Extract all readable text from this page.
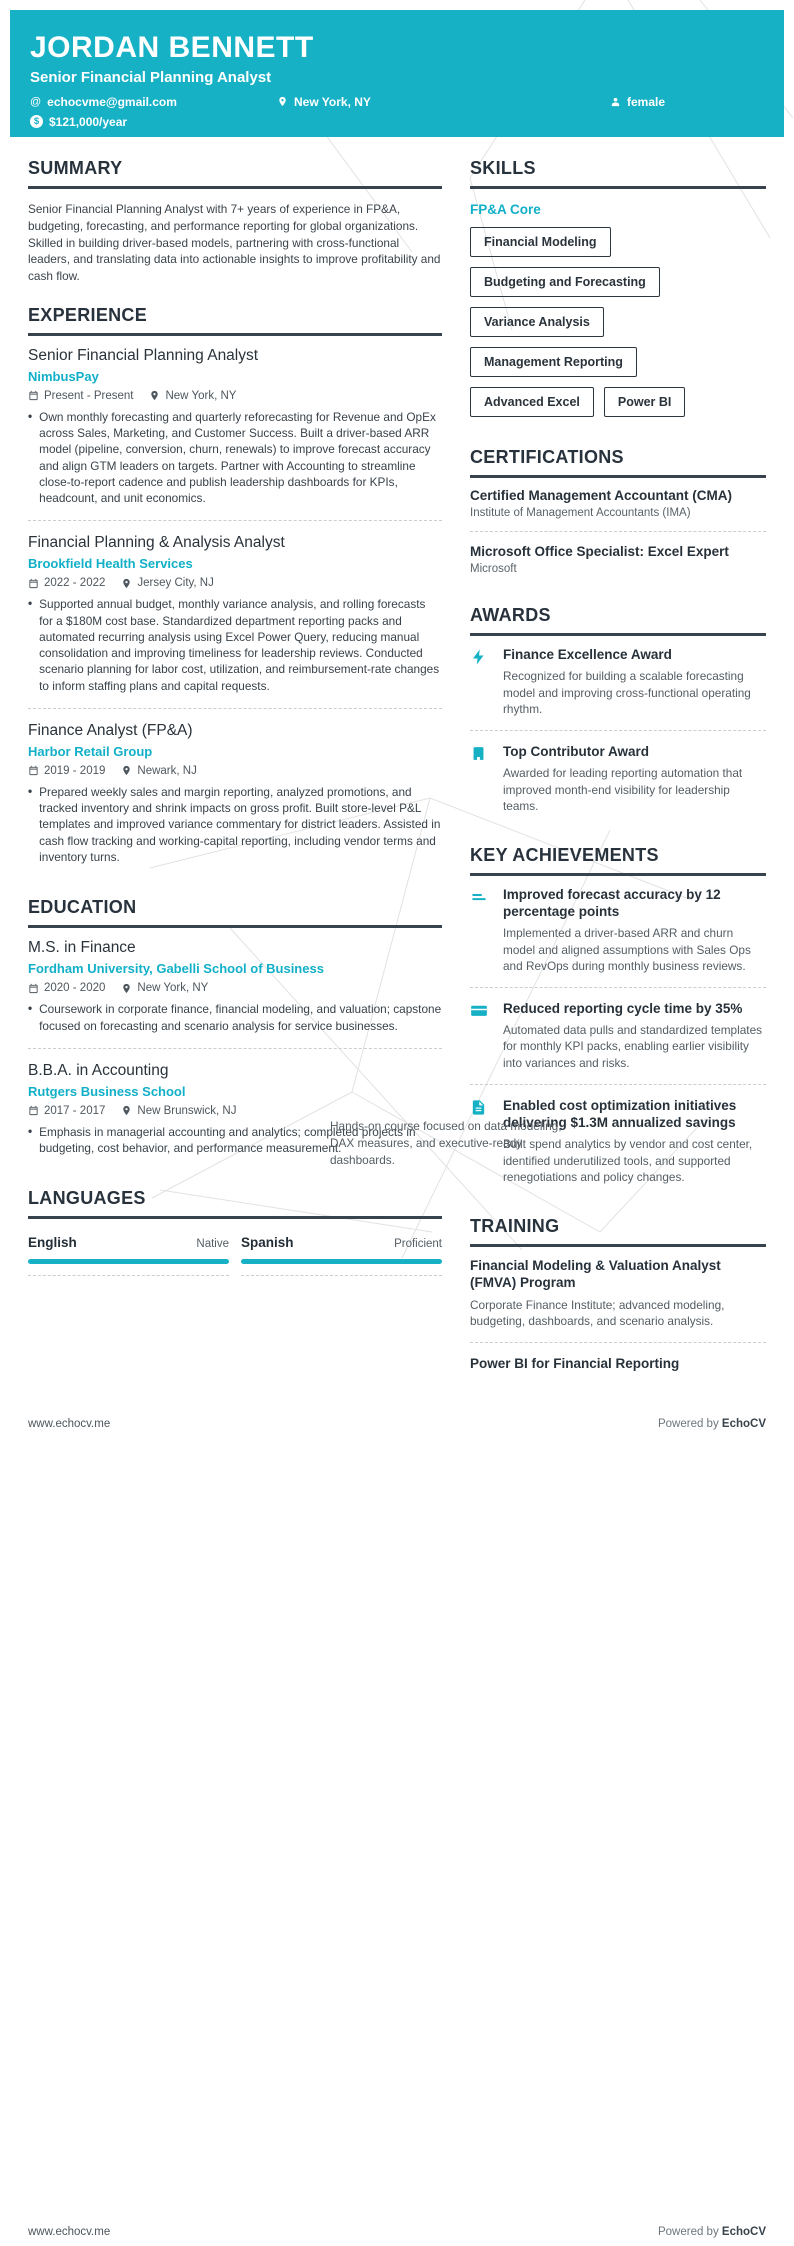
JORDAN BENNETT
Senior Financial Planning Analyst
@
echocvme@gmail.com	New York, NY	female
$
$121,000/year
SUMMARY
Senior Financial Planning Analyst with 7+ years of experience in FP&A, budgeting, forecasting, and performance reporting for global organizations. Skilled in building driver-based models, partnering with cross-functional leaders, and translating data into actionable insights to improve profitability and cash flow.
EXPERIENCE
Senior Financial Planning Analyst
NimbusPay
Present - Present	New York, NY
• Own monthly forecasting and quarterly reforecasting for Revenue and OpEx across Sales, Marketing, and Customer Success. Built a driver-based ARR model (pipeline, conversion, churn, renewals) to improve forecast accuracy and align GTM leaders on targets. Partner with Accounting to streamline close-to-report cadence and publish leadership dashboards for KPIs, headcount, and unit economics.
Financial Planning & Analysis Analyst
Brookfield Health Services
2022 - 2022	Jersey City, NJ
• Supported annual budget, monthly variance analysis, and rolling forecasts for a $180M cost base. Standardized department reporting packs and automated recurring analysis using Excel Power Query, reducing manual consolidation and improving timeliness for leadership reviews. Conducted scenario planning for labor cost, utilization, and reimbursement-rate changes to inform staffing plans and capital requests.
Finance Analyst (FP&A)
Harbor Retail Group
2019 - 2019	Newark, NJ
• Prepared weekly sales and margin reporting, analyzed promotions, and tracked inventory and shrink impacts on gross profit. Built store-level P&L templates and improved variance commentary for district leaders. Assisted in cash flow tracking and working-capital reporting, including vendor terms and inventory turns.
EDUCATION
M.S. in Finance
Fordham University, Gabelli School of Business
2020 - 2020	New York, NY
• Coursework in corporate finance, financial modeling, and valuation; capstone focused on forecasting and scenario analysis for service businesses.
B.B.A. in Accounting
Rutgers Business School
2017 - 2017	New Brunswick, NJ
• Emphasis in managerial accounting and analytics; completed projects in budgeting, cost behavior, and performance measurement.
LANGUAGES
English	Native Spanish	Proficient
SKILLS
FP&A Core
Financial Modeling
Budgeting and Forecasting
Variance Analysis
Management Reporting
Advanced Excel	Power BI
CERTIFICATIONS
Certified Management Accountant (CMA)
Institute of Management Accountants (IMA)
Microsoft Office Specialist: Excel Expert
Microsoft
AWARDS
Finance Excellence Award
Recognized for building a scalable forecasting model and improving cross-functional operating rhythm.
Top Contributor Award
Awarded for leading reporting automation that improved month-end visibility for leadership teams.
KEY ACHIEVEMENTS
Improved forecast accuracy by 12 percentage points
Implemented a driver-based ARR and churn model and aligned assumptions with Sales Ops and RevOps during monthly business reviews.
Reduced reporting cycle time by 35%
Automated data pulls and standardized templates for monthly KPI packs, enabling earlier visibility into variances and risks.
Enabled cost optimization initiatives delivering $1.3M annualized savings
Built spend analytics by vendor and cost center, identified underutilized tools, and supported renegotiations and policy changes.
TRAINING
Financial Modeling & Valuation Analyst (FMVA) Program
Corporate Finance Institute; advanced modeling, budgeting, dashboards, and scenario analysis.
Power BI for Financial Reporting
www.echocv.me	Powered by EchoCV
Hands-on course focused on data modeling, DAX measures, and executive-ready dashboards.
www.echocv.me	Powered by EchoCV
